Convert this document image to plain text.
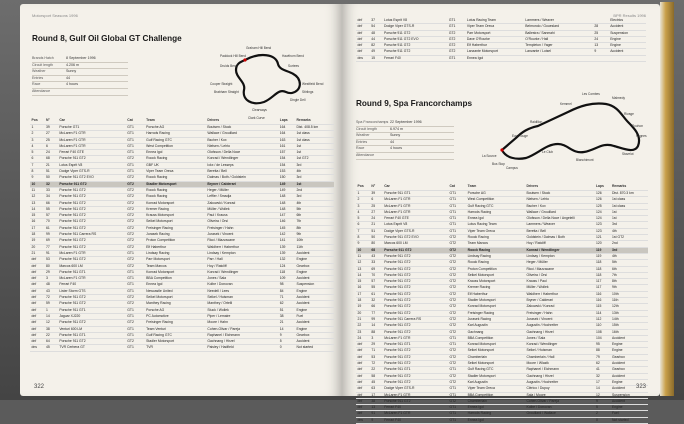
Motorsport Seasons 1996
Round 8, Gulf Oil Global GT Challenge
Brands Hatch	8 September 1996
Circuit length	4.206 m
Weather	Sunny
Entries	44
Race	4 hours
Attendance
Graham Hill Bend
Paddock Hill Bend
Druids Bend
Hawthorn Bend
Surtees
Westfield Bend
Dingle Dell
Clearways
Clark Curve
Stirlings
Cooper Straight
Brabham Straight
Pos	N°	Car	Cat	Team	Drivers	Laps	Remarks
1	39	Porsche GT1	GT1	Porsche AG	Boutsen / Stuck	164	Dist. 408.5 km
2	27	McLaren F1 GTR	GT1	Harrods Racing	Wallace / Grouillard	164	1st class
3	25	McLaren F1 GTR	GT1	Gulf Racing GTC	Bscher / Kox	163	1st class
4	6	McLaren F1 GTR	GT1	West Competition	Nielsen / Lehto	161	1st
5	24	Ferrari F40 GTE	GT1	Ennea Igol	Olofsson / Della Noce	157	1st
6	68	Porsche 911 GT2	GT2	Roock Racing	Konrad / Wendlinger	154	1st GT2
7	21	Lotus Esprit V8	GT1	GBF UK	Ickx / de Lesseps	154	3rd
8	51	Dodge Viper GTS-R	GT1	Viper Team Oreca	Beretta / Bell	153	4th
9	50	Porsche 911 GT2 EVO	GT2	Roock Racing	Dalmas / Both / Goldstein	150	3rd
10	32	Porsche 911 GT2	GT2	Stadler Motorsport	Bryner / Calderari	149	1st
11	33	Porsche 911 GT2	GT2	Roock Racing	Heger / Müller	149	2nd
12	34	Porsche 911 GT2	GT2	Roock Racing	Leffler / Smadja	148	3rd
13	66	Porsche 911 GT2	GT2	Konrad Motorsport	Zakowski / Konrad	148	4th
14	55	Porsche 911 GT2	GT2	Kremer Racing	Müller / Wollek	148	5th
15	57	Porsche 911 GT2	GT2	Krauss Motorsport	Paul / Krauss	147	6th
16	70	Porsche 911 GT2	GT2	Seikel Motorsport	Oliveira / Orsi	146	7th
17	61	Porsche 911 GT2	GT2	Freisinger Racing	Freisinger / Hahn	145	8th
18	99	Porsche 911 Carrera RS	GT2	Jurasek Racing	Jurasek / Vincent	142	9th
19	69	Porsche 911 GT2	GT2	Proton Competition	Ricci / Mazzacane	141	10th
20	77	Porsche 911 GT2	GT2	Elf Haberthur	Waldherr / Haberthur	139	11th
21	91	McLaren F1 GTR	GT1	Lindsay Racing	Lindsay / Kempton	139	Accident
dnf	53	Porsche 911 GT2	GT2	Parr Motorsport	Parr / Hall	132	Engine
dnf	80	Marcos 600 LM	GT2	Team Marcos	Hoy / Ratcliff	124	Gearbox
dnf	29	Porsche 911 GT1	GT1	Konrad Motorsport	Konrad / Wendlinger	118	Engine
dnf	3	McLaren F1 GTR	GT1	BBA Competition	Jones / Sala	109	Accident
dnf	48	Ferrari F40	GT1	Ennea Igol	Kolbe / Donovan	98	Suspension
dnf	43	Lister Storm GTS	GT1	Newcastle United	Needell / Lees	84	Engine
dnf	72	Porsche 911 GT2	GT2	Seikel Motorsport	Seikel / Huisman	71	Accident
dnf	59	Porsche 911 GT2	GT2	Manthey Racing	Manthey / Ortelli	62	Accident
dnf	1	Porsche 911 GT1	GT1	Porsche AG	Stuck / Wollek	51	Engine
dnf	14	Jaguar XJ220	GT1	PC Automotive	Piper / Lemaire	38	Fuel
dnf	12	Porsche 911 GT2	GT2	Freisinger Racing	Moore / Hahn	21	Accident
dnf	38	Venturi 600 LM	GT1	Team Venturi	Cohen-Olivar / Pareja	14	Engine
dnf	22	Porsche 911 GT1	GT1	Gulf Racing GTC	Raphanel / Eichmann	9	Gearbox
dnf	64	Porsche 911 GT2	GT2	Stadler Motorsport	Gachnang / Hirzel	5	Accident
dns	45	TVR Cerbera GT	GT1	TVR	Paisley / Hadfield	0	Not started
322
BPR Results 1996
dnf	37	Lotus Esprit V8	GT1	Lotus Racing Team	Lammers / Weaver		Electrics
dnf	54	Dodge Viper GTS-R	GT1	Viper Team Oreca	Belmondo / Goueslard	28	Accident
dnf	48	Porsche 911 GT2	GT2	Parr Motorsport	Ballestra / Sanmahi	25	Suspension
dnf	44	Porsche 911 GT2 EVO	GT2	Dave O'Rourke	O'Rourke / Hall	24	Engine
dnf	82	Porsche 911 GT2	GT2	Elf Haberthur	Templeton / Yager	13	Engine
dnf	49	Porsche 911 GT2	GT2	Lanzante Motorsport	Lanzante / Loisel	9	Accident
dns	15	Ferrari F40	GT1	Ennea Igol			
Round 9, Spa Francorchamps
Spa Francorchamps 22 September 1996
Circuit length	6.974 m
Weather	Sunny
Entries	44
Race	4 hours
Attendance	La Source
Eau Rouge
Raidillon
Kemmel
Les Combes
Malmedy
Rivage
Pouhon
Fagnes
Stavelot
Blanchimont
Bus Stop
Campus
Le Club
Pos	N°	Car	Cat	Team	Drivers	Laps	Remarks
1	39	Porsche 911 GT1	GT1	Porsche AG	Boutsen / Stuck	126	Dist. 870.3 km
2	6	McLaren F1 GTR	GT1	West Competition	Nielsen / Lehto	126	1st class
3	25	McLaren F1 GTR	GT1	Gulf Racing GTC	Bscher / Kox	125	1st class
4	27	McLaren F1 GTR	GT1	Harrods Racing	Wallace / Grouillard	124	1st
5	24	Ferrari F40 GTE	GT1	Ennea Igol	Olofsson / Della Noce / Angelelli	124	1st
6	21	Lotus Esprit V8	GT1	Lotus Racing Team	Lammers / Weaver	123	3rd
7	51	Dodge Viper GTS-R	GT1	Viper Team Oreca	Beretta / Bell	123	4th
8	50	Porsche 911 GT2 EVO	GT2	Roock Racing	Goldstein / Dalmas / Both	121	1st GT2
9	80	Marcos 600 LM	GT2	Team Marcos	Hoy / Ratcliff	120	2nd
10	68	Porsche 911 GT2	GT2	Roock Racing	Konrad / Wendlinger	119	3rd
11	43	Porsche 911 GT2	GT2	Lindsay Racing	Lindsay / Kempton	119	4th
12	33	Porsche 911 GT2	GT2	Roock Racing	Heger / Müller	118	5th
13	69	Porsche 911 GT2	GT2	Proton Competition	Ricci / Mazzacane	118	6th
14	70	Porsche 911 GT2	GT2	Seikel Motorsport	Oliveira / Orsi	118	7th
15	57	Porsche 911 GT2	GT2	Krauss Motorsport	Krauss / Paul	117	8th
16	55	Porsche 911 GT2	GT2	Kremer Racing	Müller / Wollek	117	9th
17	61	Porsche 911 GT2	GT2	Elf Haberthur	Waldherr / Haberthur	116	10th
18	32	Porsche 911 GT2	GT2	Stadler Motorsport	Bryner / Calderari	116	11th
19	66	Porsche 911 GT2	GT2	Konrad Motorsport	Zakowski / Konrad	115	12th
20	77	Porsche 911 GT2	GT2	Freisinger Racing	Freisinger / Hahn	114	13th
21	99	Porsche 911 Carrera RS	GT2	Jurasek Racing	Jurasek / Vincent	112	14th
22	14	Porsche 911 GT2	GT2	Karl Augustin	Augustin / Hochreiter	110	15th
23	88	Porsche 911 GT2	GT2	Gachnang	Gachnang / Hirzel	108	16th
24	3	McLaren F1 GTR	GT1	BBA Competition	Jones / Sala	104	Accident
dnf	29	Porsche 911 GT1	GT1	Konrad Motorsport	Konrad / Wendlinger	95	Engine
dnf	71	Porsche 911 GT2	GT2	Seikel Motorsport	Seikel / Huisman	88	Engine
dnf	53	Porsche 911 GT2	GT2	Chamberlain	Chamberlain / Hall	79	Gearbox
dnf	72	Porsche 911 GT2	GT2	Seikel Motorsport	Moore / Wlazik	62	Accident
dnf	22	Porsche 911 GT1	GT1	Gulf Racing GTC	Raphanel / Eichmann	41	Gearbox
dnf	58	Porsche 911 GT2	GT2	Stadler Motorsport	Gachnang / Hirzel	32	Accident
dnf	45	Porsche 911 GT2	GT2	Karl Augustin	Augustin / Hochreiter	17	Engine
dnf	63	Dodge Viper GTS-R	GT1	Viper Team Oreca	Clérico / Dupuy	14	Accident
dnf	17	McLaren F1 GTR	GT1	BBA Competition	Sala / Moore	12	Suspension
dnf	38	Porsche 911 GT2	GT2	Chamberlain	Cohen-Olivar / Pareja	9	Accident
dnf	13	Ferrari F40	GT1	Ennea Igol	Kolbe / Donovan	5	Engine
dnf	91	McLaren F1 GTR	GT1	Harrods Racing	Grouillard / Wallace	2	Fuel
dns	9	Ferrari F40	GT1	Ennea Igol		0	Not started
323
